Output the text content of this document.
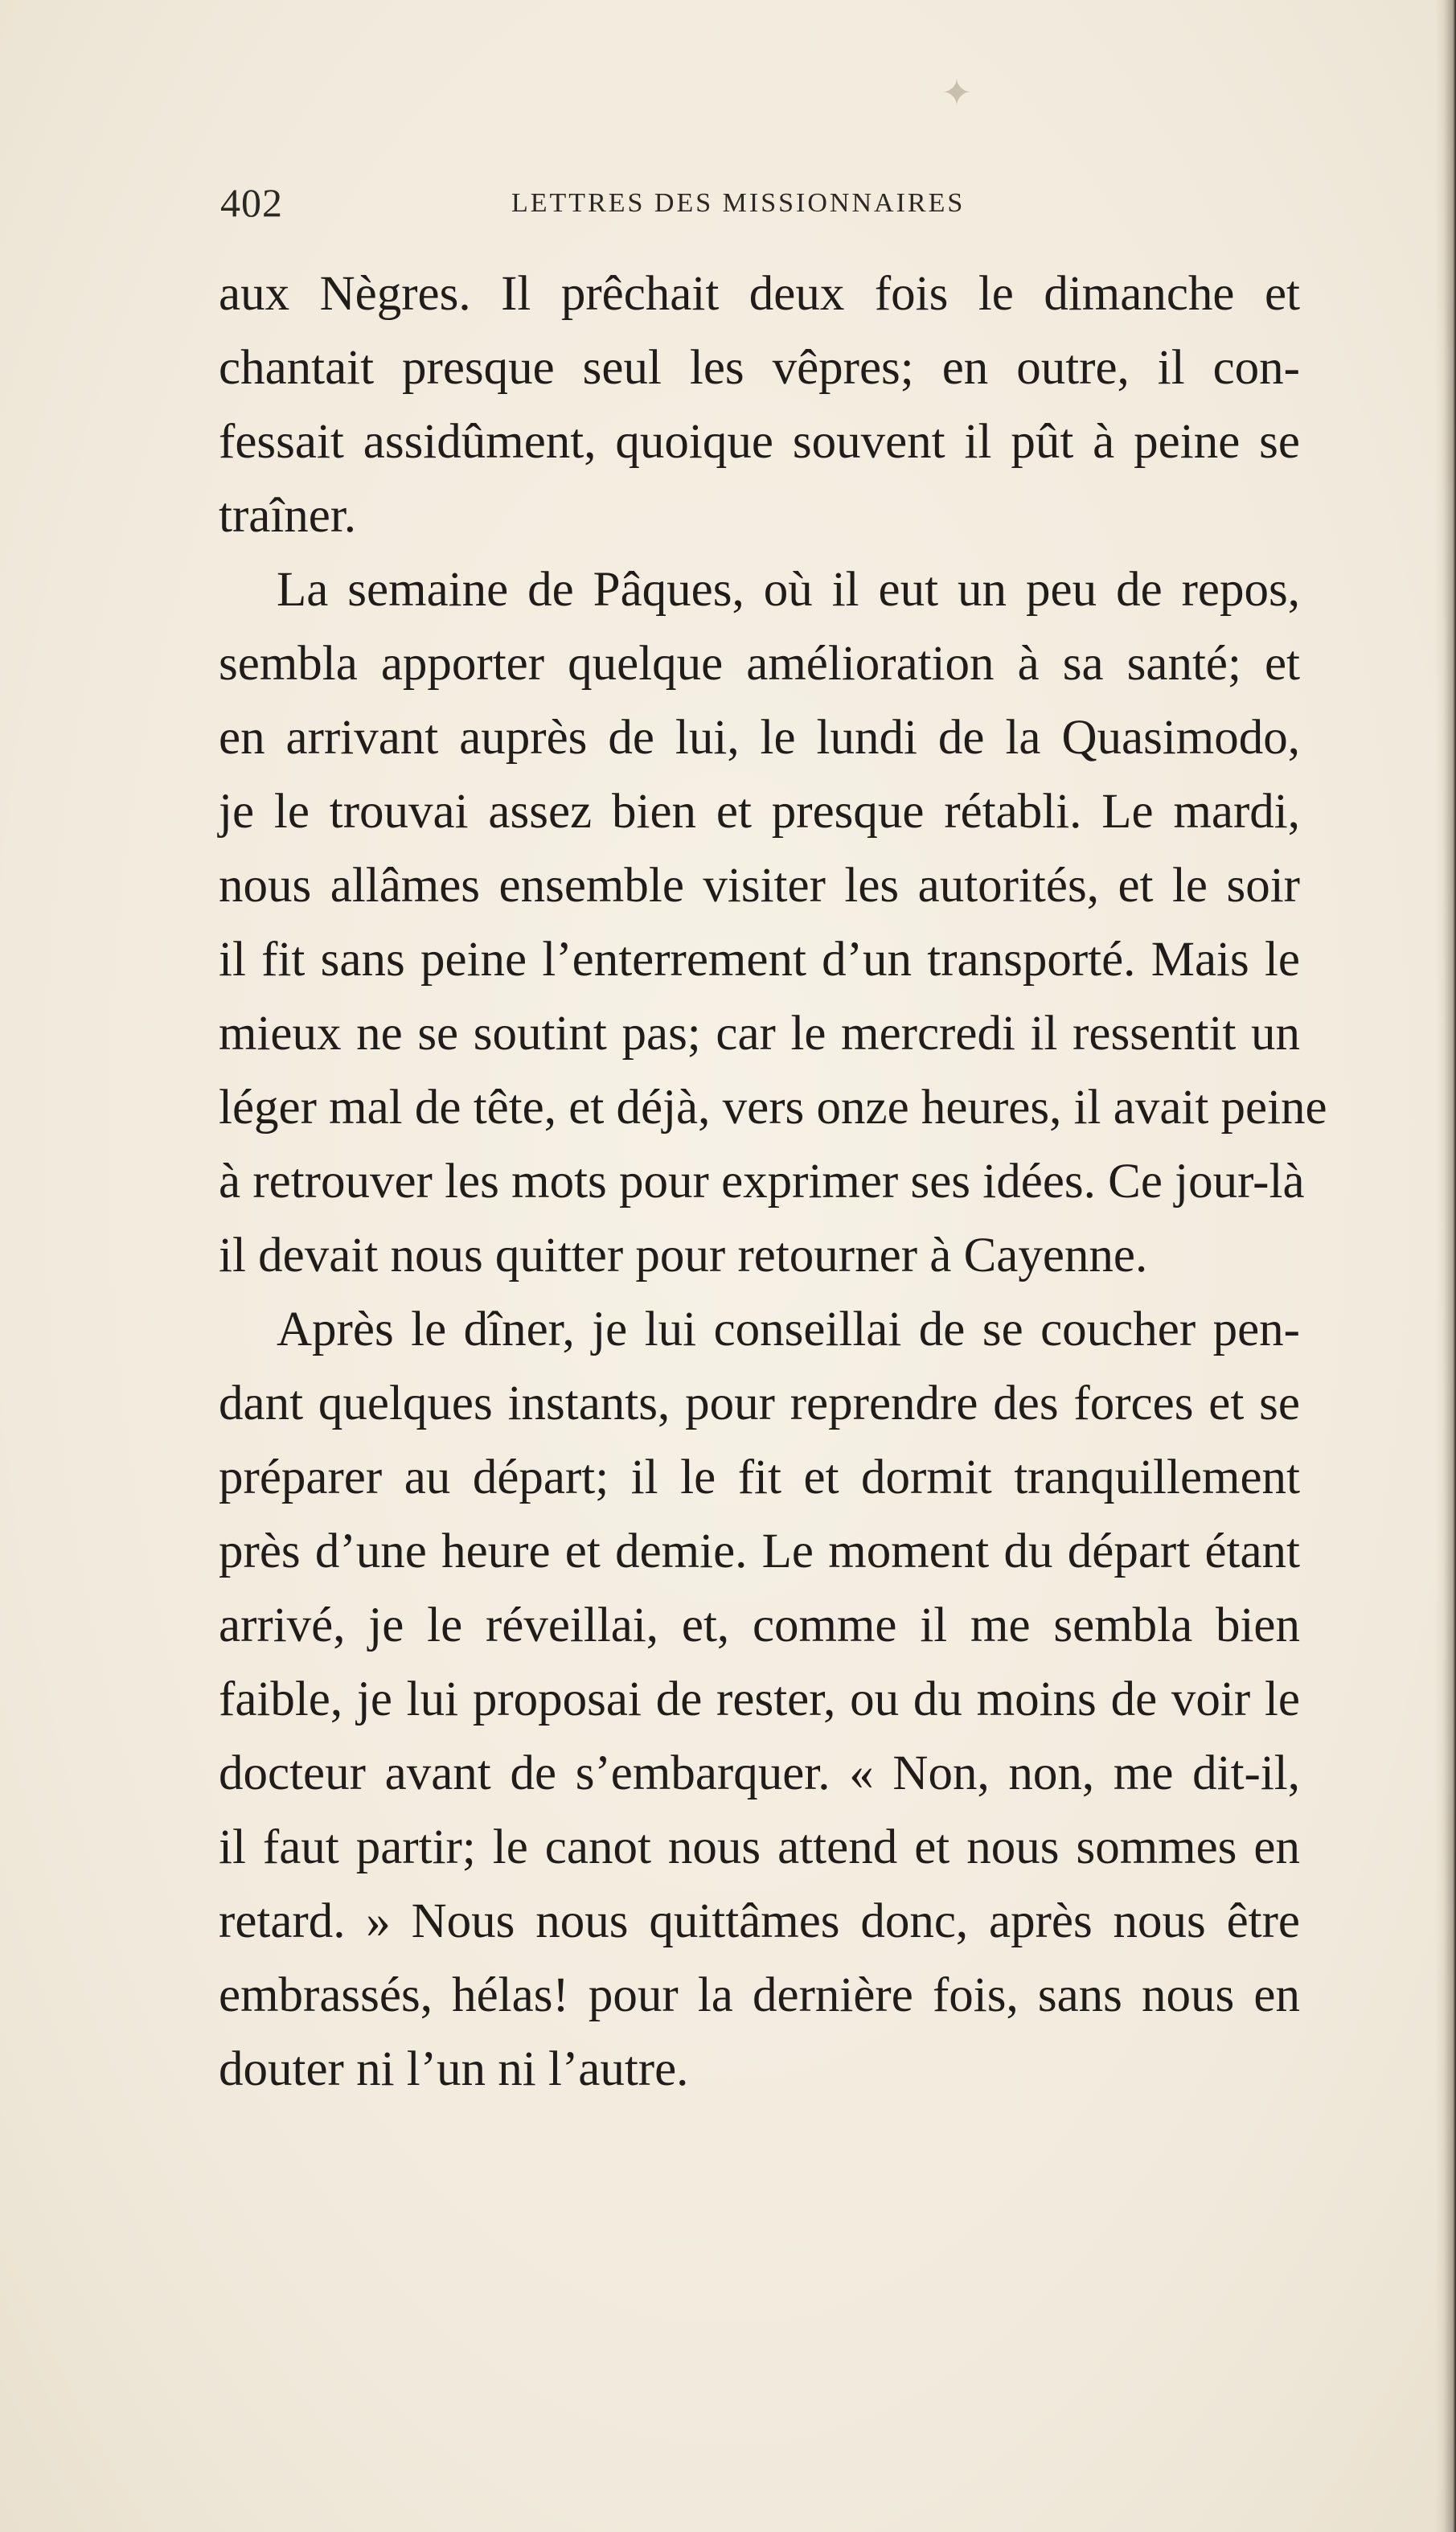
✦
402	LETTRES DES MISSIONNAIRES

aux Nègres. Il prêchait deux fois le dimanche et
chantait presque seul les vêpres; en outre, il con-
fessait assidûment, quoique souvent il pût à peine se
traîner.

La semaine de Pâques, où il eut un peu de repos,
sembla apporter quelque amélioration à sa santé; et
en arrivant auprès de lui, le lundi de la Quasimodo,
je le trouvai assez bien et presque rétabli. Le mardi,
nous allâmes ensemble visiter les autorités, et le soir
il fit sans peine l’enterrement d’un transporté. Mais le
mieux ne se soutint pas; car le mercredi il ressentit un
léger mal de tête, et déjà, vers onze heures, il avait peine
à retrouver les mots pour exprimer ses idées. Ce jour-là
il devait nous quitter pour retourner à Cayenne.

Après le dîner, je lui conseillai de se coucher pen-
dant quelques instants, pour reprendre des forces et se
préparer au départ; il le fit et dormit tranquillement
près d’une heure et demie. Le moment du départ étant
arrivé, je le réveillai, et, comme il me sembla bien
faible, je lui proposai de rester, ou du moins de voir le
docteur avant de s’embarquer. « Non, non, me dit-il,
il faut partir; le canot nous attend et nous sommes en
retard. » Nous nous quittâmes donc, après nous être
embrassés, hélas! pour la dernière fois, sans nous en
douter ni l’un ni l’autre.
